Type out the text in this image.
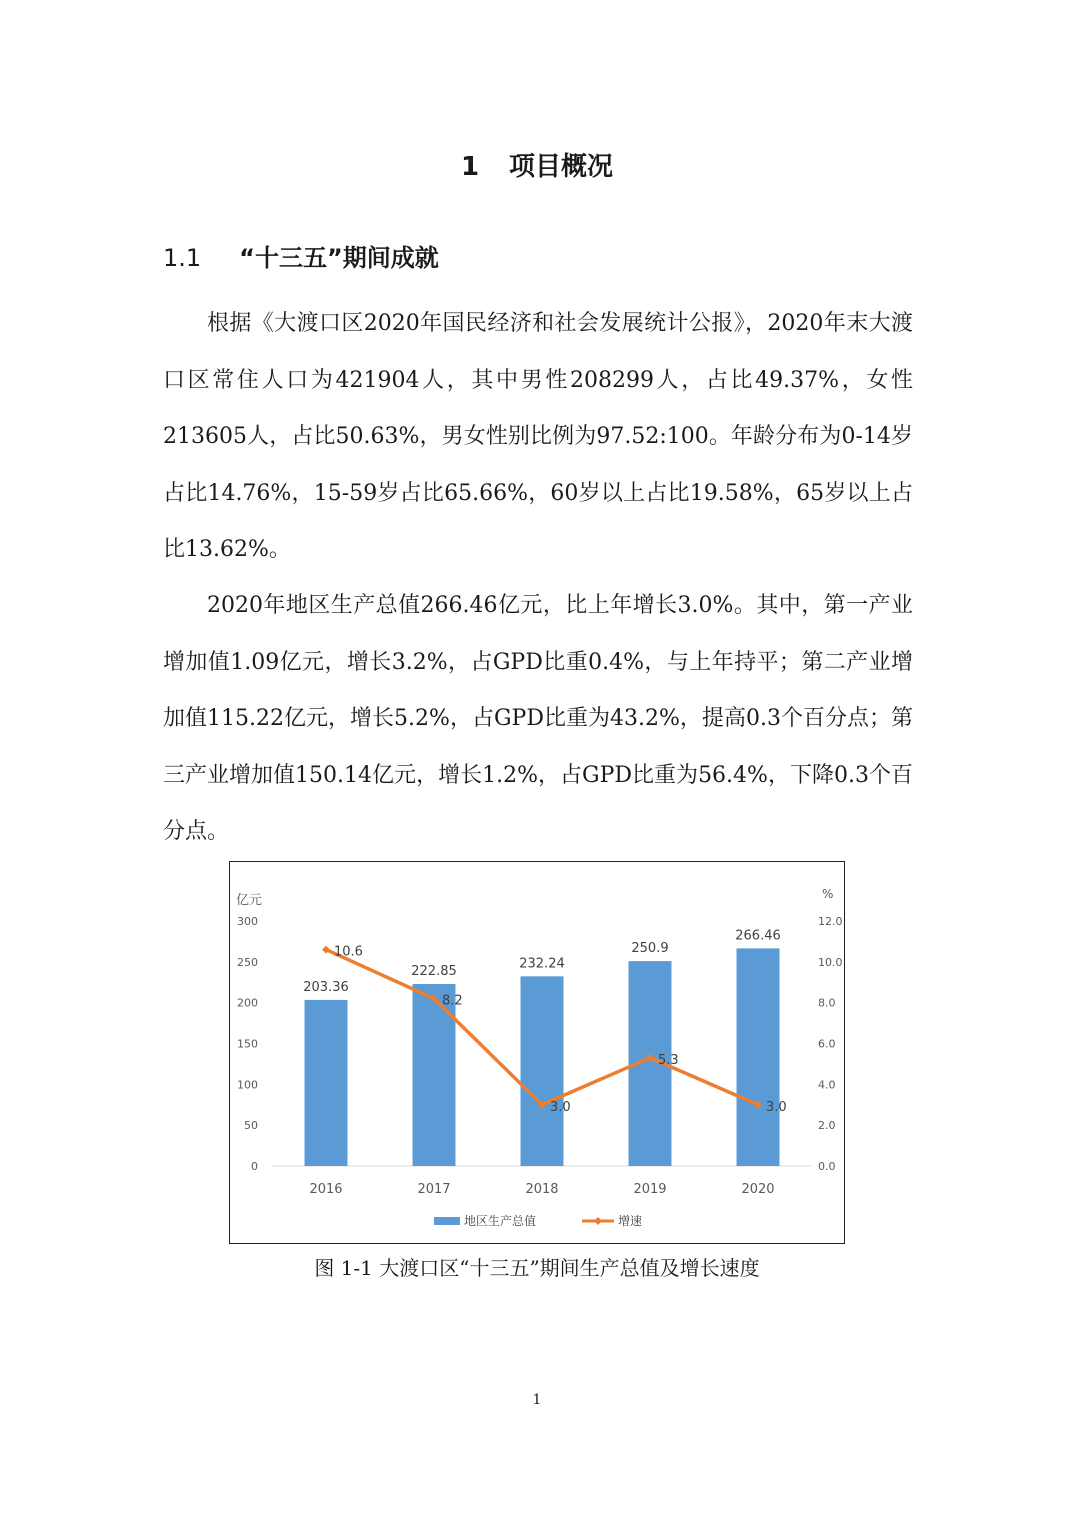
1 项目概况
1.1 “十三五”期间成就

根据《大渡口区2020年国民经济和社会发展统计公报》，2020年末大渡口区常住人口为421904人，其中男性208299人，占比49.37%，女性213605人，占比50.63%，男女性别比例为97.52:100。年龄分布为0-14岁占比14.76%，15-59岁占比65.66%，60岁以上占比19.58%，65岁以上占比13.62%。

2020年地区生产总值266.46亿元，比上年增长3.0%。其中，第一产业增加值1.09亿元，增长3.2%，占GPD比重0.4%，与上年持平；第二产业增加值115.22亿元，增长5.2%，占GPD比重为43.2%，提高0.3个百分点；第三产业增加值150.14亿元，增长1.2%，占GPD比重为56.4%，下降0.3个百分点。

亿元	%
0
50
100
150
200
250
300
0.0
2.0
4.0
6.0
8.0
10.0
12.0
203.36
222.85
232.24
250.9
266.46
2016	2017	2018	2019	2020
10.6
8.2
3.0
5.3
3.0
地区生产总值	增速
图 1-1 大渡口区“十三五”期间生产总值及增长速度
1
